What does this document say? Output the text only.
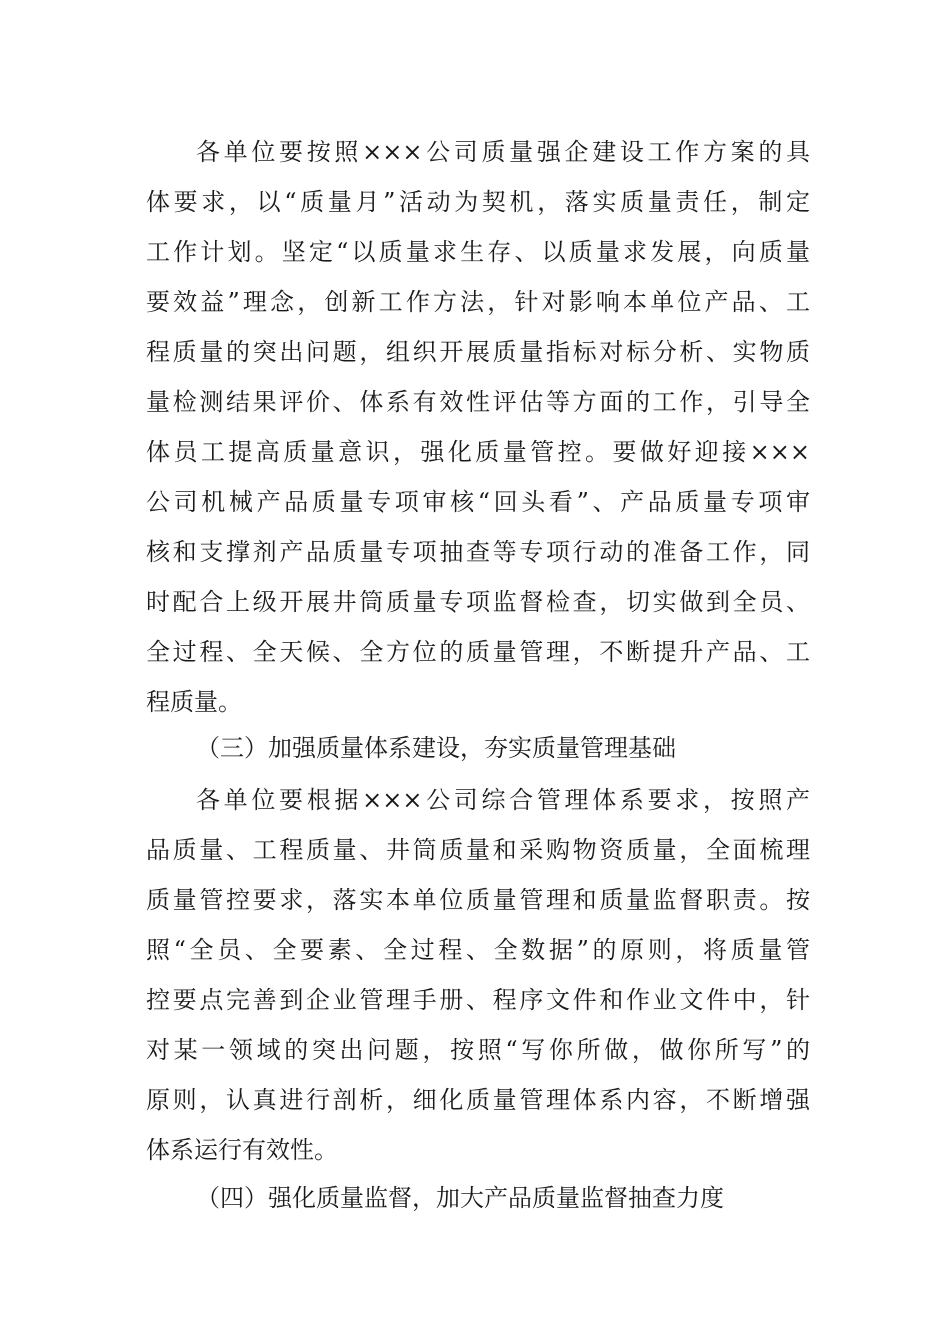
各单位要按照×××公司质量强企建设工作方案的具
体要求，以“质量月”活动为契机，落实质量责任，制定
工作计划。坚定“以质量求生存、以质量求发展，向质量
要效益”理念，创新工作方法，针对影响本单位产品、工
程质量的突出问题，组织开展质量指标对标分析、实物质
量检测结果评价、体系有效性评估等方面的工作，引导全
体员工提高质量意识，强化质量管控。要做好迎接×××
公司机械产品质量专项审核“回头看”、产品质量专项审
核和支撑剂产品质量专项抽查等专项行动的准备工作，同
时配合上级开展井筒质量专项监督检查，切实做到全员、
全过程、全天候、全方位的质量管理，不断提升产品、工
程质量。
（三）加强质量体系建设，夯实质量管理基础
各单位要根据×××公司综合管理体系要求，按照产
品质量、工程质量、井筒质量和采购物资质量，全面梳理
质量管控要求，落实本单位质量管理和质量监督职责。按
照“全员、全要素、全过程、全数据”的原则，将质量管
控要点完善到企业管理手册、程序文件和作业文件中，针
对某一领域的突出问题，按照“写你所做，做你所写”的
原则，认真进行剖析，细化质量管理体系内容，不断增强
体系运行有效性。
（四）强化质量监督，加大产品质量监督抽查力度
